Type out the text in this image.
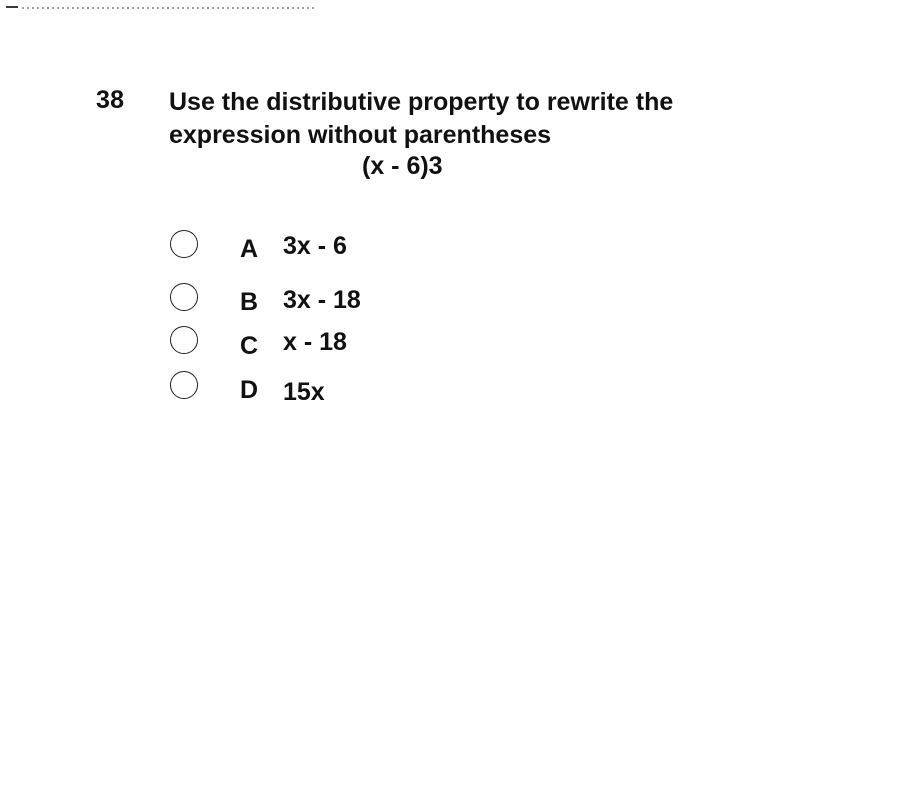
38 Use the distributive property to rewrite the
expression without parentheses
(x - 6)3
A 3x - 6
B 3x - 18
C x - 18
D 15x
